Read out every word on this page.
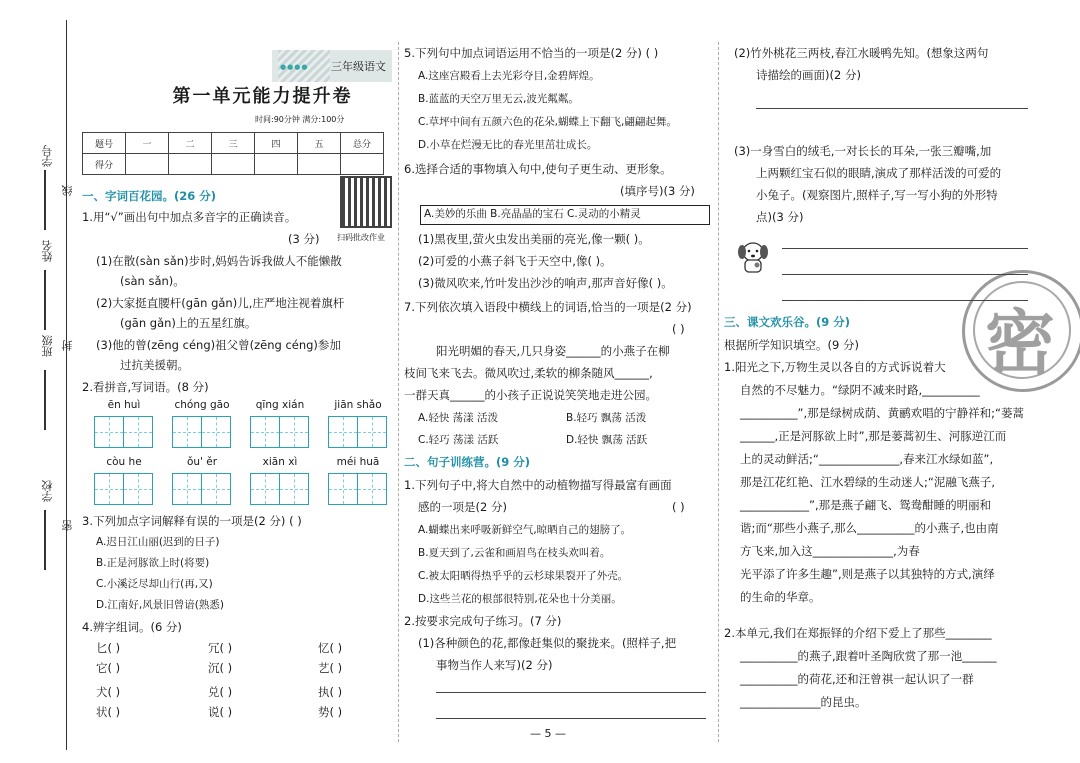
学号
姓名
班级
学校
线
封
密
●●●● 三年级语文
第一单元能力提升卷
时间:90分钟 满分:100分
题号	一	二	三	四	五	总分
得分						
扫码批改作业
一、字词百花园。(26 分)
1.用“√”画出句中加点多音字的正确读音。
(3 分)
(1)在散(sàn sǎn)步时,妈妈告诉我做人不能懒散
(sàn sǎn)。
(2)大家挺直腰杆(gān gǎn)儿,庄严地注视着旗杆
(gān gǎn)上的五星红旗。
(3)他的曾(zēng céng)祖父曾(zēng céng)参加
过抗美援朝。
2.看拼音,写词语。(8 分)
ēn huì	chóng gāo	qīng xián	jiān shǎo
còu he	ǒu' ěr	xiān xì	méi huā
3.下列加点字词解释有误的一项是(2 分) ( )
A.迟日江山丽(迟到的日子)
B.正是河豚欲上时(将要)
C.小溪泛尽却山行(再,又)
D.江南好,风景旧曾谙(熟悉)
4.辨字组词。(6 分)
匕( )	冗( )	忆( )
它( )	沉( )	艺( )
犬( )	兑( )	执( )
状( )	说( )	势( )
5.下列句中加点词语运用不恰当的一项是(2 分) ( )
A.这座宫殿看上去光彩夺目,金碧辉煌。
B.蓝蓝的天空万里无云,波光粼粼。
C.草坪中间有五颜六色的花朵,蝴蝶上下翻飞,翩翩起舞。
D.小草在烂漫无比的春光里茁壮成长。
6.选择合适的事物填入句中,使句子更生动、更形象。
(填序号)(3 分)
A.美妙的乐曲 B.亮晶晶的宝石 C.灵动的小精灵
(1)黑夜里,萤火虫发出美丽的亮光,像一颗( )。
(2)可爱的小燕子斜飞于天空中,像( )。
(3)微风吹来,竹叶发出沙沙的响声,那声音好像( )。
7.下列依次填入语段中横线上的词语,恰当的一项是(2 分)
( )
阳光明媚的春天,几只身姿______的小燕子在柳
枝间飞来飞去。微风吹过,柔软的柳条随风______,
一群天真______的小孩子正说说笑笑地走进公园。
A.轻快 荡漾 活泼	B.轻巧 飘荡 活泼
C.轻巧 荡漾 活跃	D.轻快 飘荡 活跃
二、句子训练营。(9 分)
1.下列句子中,将大自然中的动植物描写得最富有画面
感的一项是(2 分)	( )
A.蝴蝶出来呼吸新鲜空气,晾晒自己的翅膀了。
B.夏天到了,云雀和画眉鸟在枝头欢叫着。
C.被太阳晒得热乎乎的云杉球果裂开了外壳。
D.这些兰花的根部很特别,花朵也十分美丽。
2.按要求完成句子练习。(7 分)
(1)各种颜色的花,都像赶集似的聚拢来。(照样子,把
事物当作人来写)(2 分)
— 5 —
密
(2)竹外桃花三两枝,春江水暖鸭先知。(想象这两句
诗描绘的画面)(2 分)
(3)一身雪白的绒毛,一对长长的耳朵,一张三瓣嘴,加
上两颗红宝石似的眼睛,演成了那样活泼的可爱的
小兔子。(观察图片,照样子,写一写小狗的外形特
点)(3 分)
三、课文欢乐谷。(9 分)
根据所学知识填空。(9 分)
1.阳光之下,万物生灵以各自的方式诉说着大
自然的不尽魅力。“绿阴不减来时路,__________
__________”,那是绿树成荫、黄鹂欢唱的宁静祥和;“蒌蒿
______,正是河豚欲上时”,那是蒌蒿初生、河豚逆江而
上的灵动鲜活;“______________,春来江水绿如蓝”,
那是江花红艳、江水碧绿的生动迷人;“泥融飞燕子,
____________”,那是燕子翩飞、鸳鸯酣睡的明丽和
谐;而“那些小燕子,那么__________的小燕子,也由南
方飞来,加入这______________,为春
光平添了许多生趣”,则是燕子以其独特的方式,演绎
的生命的华章。
2.本单元,我们在郑振铎的介绍下爱上了那些________
__________的燕子,跟着叶圣陶欣赏了那一池______
__________的荷花,还和汪曾祺一起认识了一群
______________的昆虫。
